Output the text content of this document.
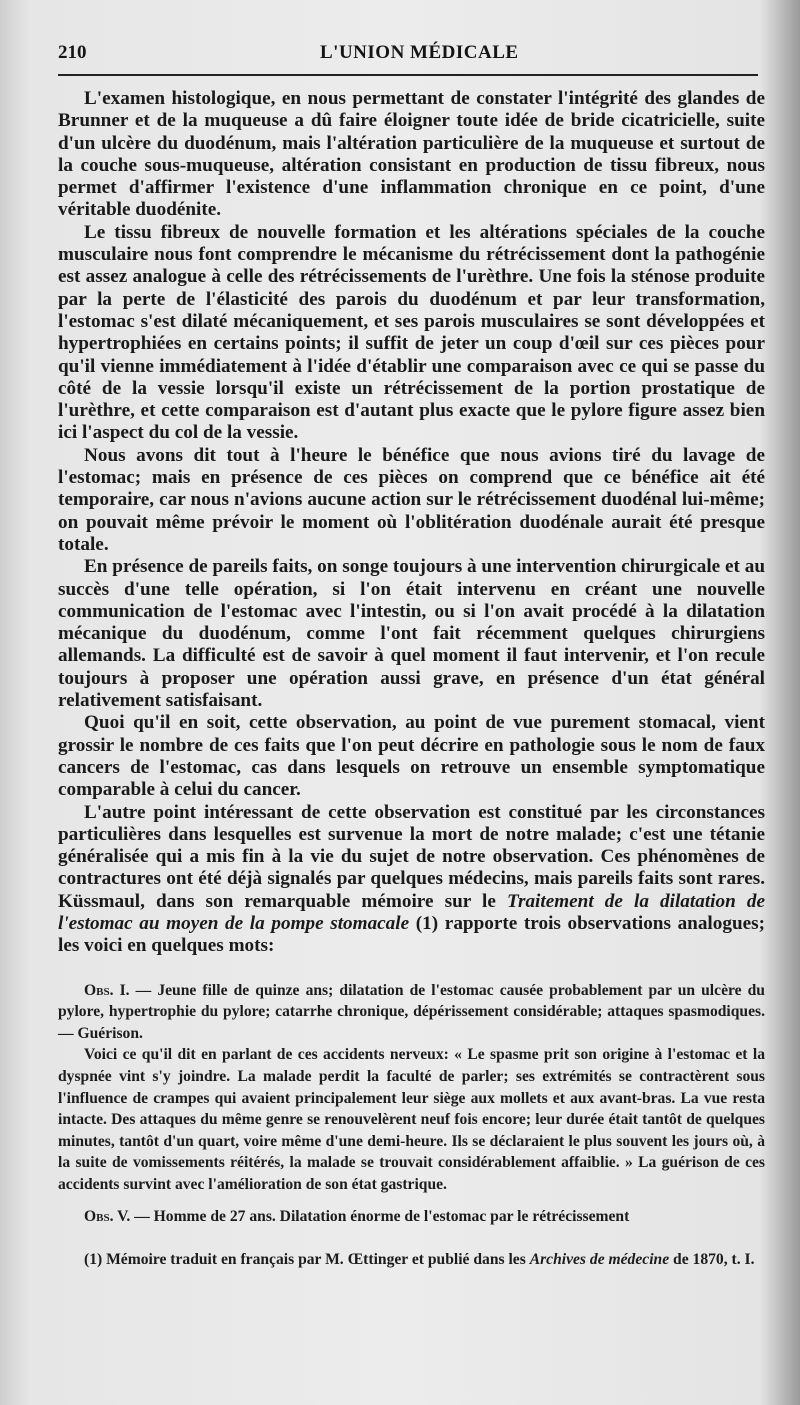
210	L'UNION MÉDICALE

L'examen histologique, en nous permettant de constater l'intégrité des glandes de Brunner et de la muqueuse a dû faire éloigner toute idée de bride cicatricielle, suite d'un ulcère du duodénum, mais l'altération particulière de la muqueuse et surtout de la couche sous-muqueuse, altération consistant en production de tissu fibreux, nous permet d'affirmer l'existence d'une inflammation chronique en ce point, d'une véritable duodénite.

Le tissu fibreux de nouvelle formation et les altérations spéciales de la couche musculaire nous font comprendre le mécanisme du rétrécissement dont la pathogénie est assez analogue à celle des rétrécissements de l'urèthre. Une fois la sténose produite par la perte de l'élasticité des parois du duodénum et par leur transformation, l'estomac s'est dilaté mécaniquement, et ses parois musculaires se sont développées et hypertrophiées en certains points; il suffit de jeter un coup d'œil sur ces pièces pour qu'il vienne immédiatement à l'idée d'établir une comparaison avec ce qui se passe du côté de la vessie lorsqu'il existe un rétrécissement de la portion prostatique de l'urèthre, et cette comparaison est d'autant plus exacte que le pylore figure assez bien ici l'aspect du col de la vessie.

Nous avons dit tout à l'heure le bénéfice que nous avions tiré du lavage de l'estomac; mais en présence de ces pièces on comprend que ce bénéfice ait été temporaire, car nous n'avions aucune action sur le rétrécissement duodénal lui-même; on pouvait même prévoir le moment où l'oblitération duodénale aurait été presque totale.

En présence de pareils faits, on songe toujours à une intervention chirurgicale et au succès d'une telle opération, si l'on était intervenu en créant une nouvelle communication de l'estomac avec l'intestin, ou si l'on avait procédé à la dilatation mécanique du duodénum, comme l'ont fait récemment quelques chirurgiens allemands. La difficulté est de savoir à quel moment il faut intervenir, et l'on recule toujours à proposer une opération aussi grave, en présence d'un état général relativement satisfaisant.

Quoi qu'il en soit, cette observation, au point de vue purement stomacal, vient grossir le nombre de ces faits que l'on peut décrire en pathologie sous le nom de faux cancers de l'estomac, cas dans lesquels on retrouve un ensemble symptomatique comparable à celui du cancer.

L'autre point intéressant de cette observation est constitué par les circonstances particulières dans lesquelles est survenue la mort de notre malade; c'est une tétanie généralisée qui a mis fin à la vie du sujet de notre observation. Ces phénomènes de contractures ont été déjà signalés par quelques médecins, mais pareils faits sont rares. Küssmaul, dans son remarquable mémoire sur le Traitement de la dilatation de l'estomac au moyen de la pompe stomacale (1) rapporte trois observations analogues; les voici en quelques mots:

Obs. I. — Jeune fille de quinze ans; dilatation de l'estomac causée probablement par un ulcère du pylore, hypertrophie du pylore; catarrhe chronique, dépérissement considérable; attaques spasmodiques. — Guérison.

Voici ce qu'il dit en parlant de ces accidents nerveux: « Le spasme prit son origine à l'estomac et la dyspnée vint s'y joindre. La malade perdit la faculté de parler; ses extrémités se contractèrent sous l'influence de crampes qui avaient principalement leur siège aux mollets et aux avant-bras. La vue resta intacte. Des attaques du même genre se renouvelèrent neuf fois encore; leur durée était tantôt de quelques minutes, tantôt d'un quart, voire même d'une demi-heure. Ils se déclaraient le plus souvent les jours où, à la suite de vomissements réitérés, la malade se trouvait considérablement affaiblie. » La guérison de ces accidents survint avec l'amélioration de son état gastrique.

Obs. V. — Homme de 27 ans. Dilatation énorme de l'estomac par le rétrécissement

(1) Mémoire traduit en français par M. Œttinger et publié dans les Archives de médecine de 1870, t. I.
